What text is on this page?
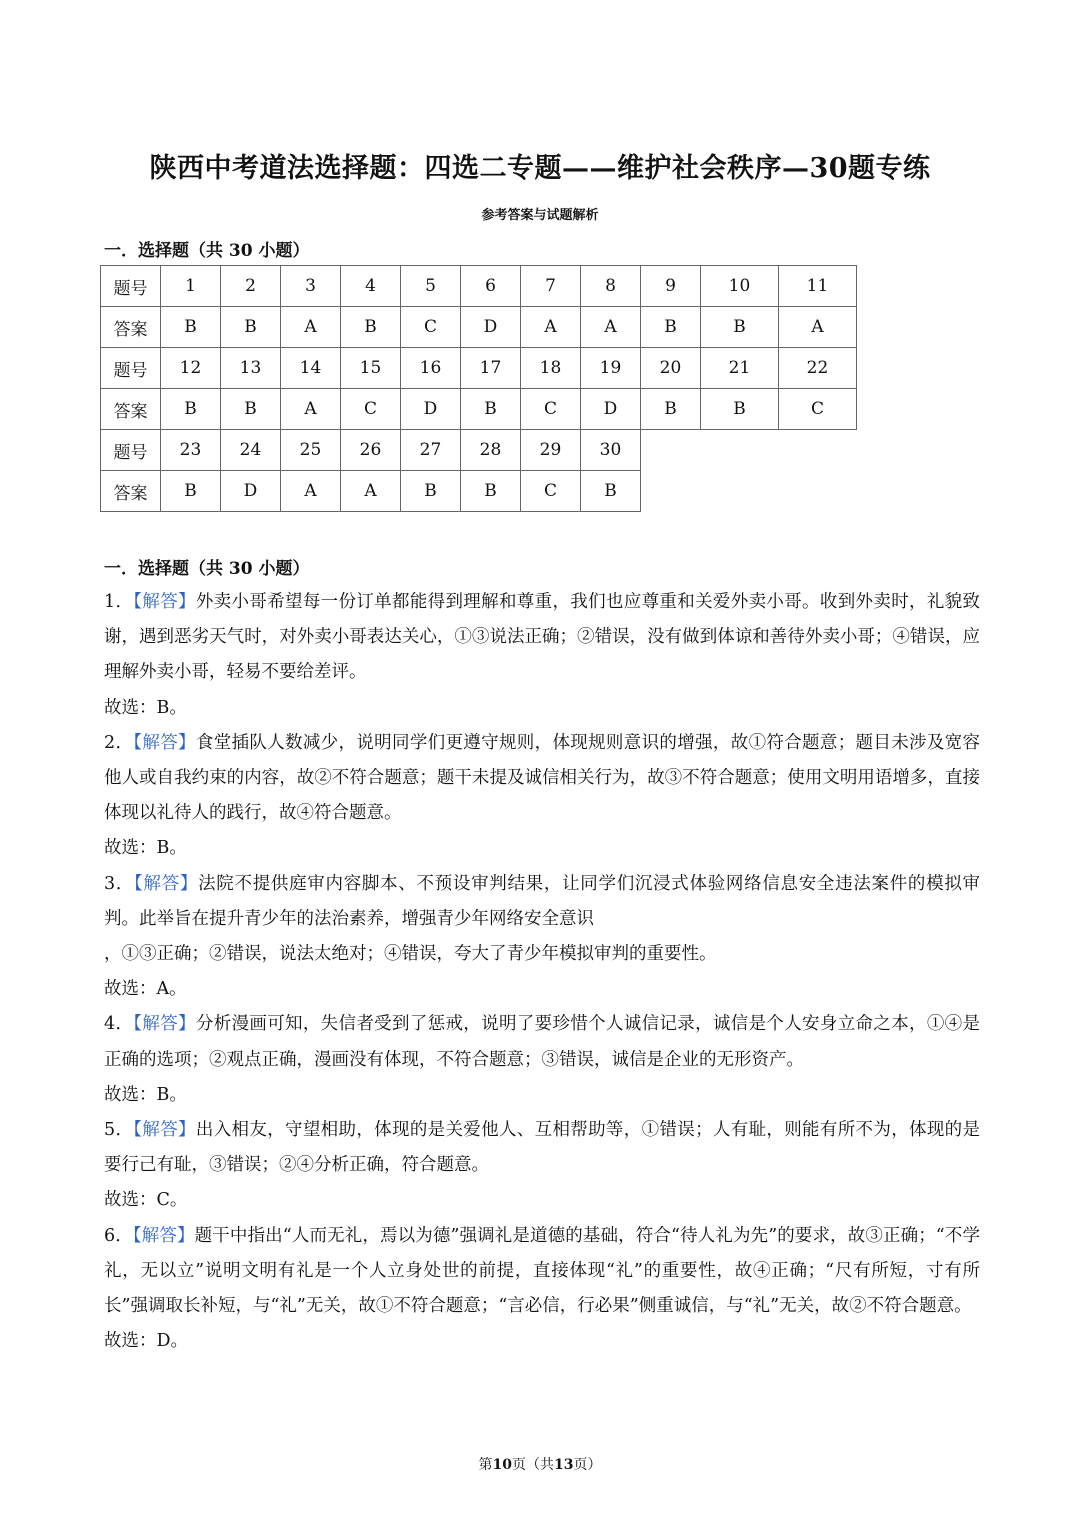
陕西中考道法选择题：四选二专题——维护社会秩序—30题专练
参考答案与试题解析
一．选择题（共 30 小题）
题号	1	2	3	4	5	6	7	8	9	10	11
答案	B	B	A	B	C	D	A	A	B	B	A
题号	12	13	14	15	16	17	18	19	20	21	22
答案	B	B	A	C	D	B	C	D	B	B	C
题号	23	24	25	26	27	28	29	30			
答案	B	D	A	A	B	B	C	B			
一．选择题（共 30 小题）

1．【解答】外卖小哥希望每一份订单都能得到理解和尊重，我们也应尊重和关爱外卖小哥。收到外卖时，礼貌致谢，遇到恶劣天气时，对外卖小哥表达关心，①③说法正确；②错误，没有做到体谅和善待外卖小哥；④错误，应理解外卖小哥，轻易不要给差评。

故选：B。

2．【解答】食堂插队人数减少，说明同学们更遵守规则，体现规则意识的增强，故①符合题意；题目未涉及宽容他人或自我约束的内容，故②不符合题意；题干未提及诚信相关行为，故③不符合题意；使用文明用语增多，直接体现以礼待人的践行，故④符合题意。

故选：B。

3．【解答】法院不提供庭审内容脚本、不预设审判结果，让同学们沉浸式体验网络信息安全违法案件的模拟审判。此举旨在提升青少年的法治素养，增强青少年网络安全意识

，①③正确；②错误，说法太绝对；④错误，夸大了青少年模拟审判的重要性。

故选：A。

4．【解答】分析漫画可知，失信者受到了惩戒，说明了要珍惜个人诚信记录，诚信是个人安身立命之本，①④是正确的选项；②观点正确，漫画没有体现，不符合题意；③错误，诚信是企业的无形资产。

故选：B。

5．【解答】出入相友，守望相助，体现的是关爱他人、互相帮助等，①错误；人有耻，则能有所不为，体现的是要行己有耻，③错误；②④分析正确，符合题意。

故选：C。

6．【解答】题干中指出“人而无礼，焉以为德”强调礼是道德的基础，符合“待人礼为先”的要求，故③正确；“不学礼，无以立”说明文明有礼是一个人立身处世的前提，直接体现“礼”的重要性，故④正确；“尺有所短，寸有所长”强调取长补短，与“礼”无关，故①不符合题意；“言必信，行必果”侧重诚信，与“礼”无关，故②不符合题意。

故选：D。

第10页（共13页）
